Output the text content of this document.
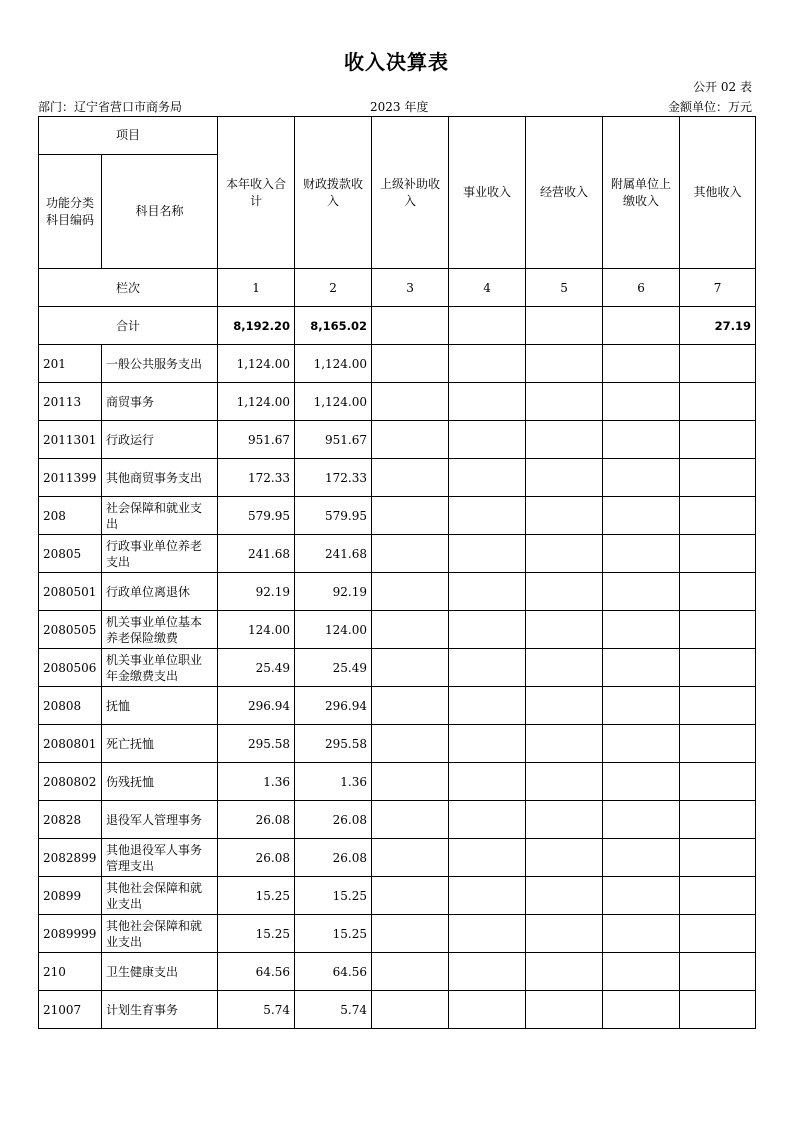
收入决算表
公开 02 表
部门：辽宁省营口市商务局	2023 年度	金额单位：万元
项目		本年收入合计	财政拨款收入	上级补助收入	事业收入	经营收入	附属单位上缴收入	其他收入
功能分类科目编码	科目名称							
栏次		1	2	3	4	5	6	7
合计		8,192.20	8,165.02					27.19
201	一般公共服务支出	1,124.00	1,124.00					
20113	商贸事务	1,124.00	1,124.00					
2011301	行政运行	951.67	951.67					
2011399	其他商贸事务支出	172.33	172.33					
208	社会保障和就业支出	579.95	579.95					
20805	行政事业单位养老支出	241.68	241.68					
2080501	行政单位离退休	92.19	92.19					
2080505	机关事业单位基本养老保险缴费	124.00	124.00					
2080506	机关事业单位职业年金缴费支出	25.49	25.49					
20808	抚恤	296.94	296.94					
2080801	死亡抚恤	295.58	295.58					
2080802	伤残抚恤	1.36	1.36					
20828	退役军人管理事务	26.08	26.08					
2082899	其他退役军人事务管理支出	26.08	26.08					
20899	其他社会保障和就业支出	15.25	15.25					
2089999	其他社会保障和就业支出	15.25	15.25					
210	卫生健康支出	64.56	64.56					
21007	计划生育事务	5.74	5.74					
